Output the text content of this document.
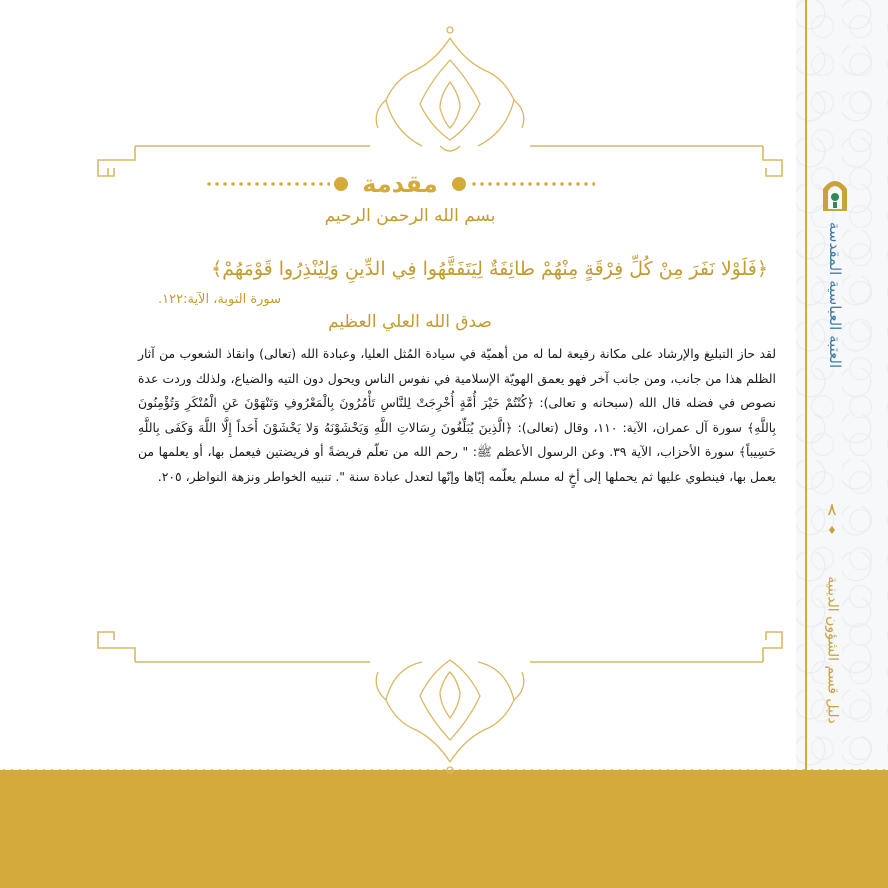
العتبة العباسية المقدسة
٨
دليل قسم الشؤون الدينية
مقدمة
بسم الله الرحمن الرحيم
﴿فَلَوْلا نَفَرَ مِنْ كُلِّ فِرْقَةٍ مِنْهُمْ طائِفَةٌ لِيَتَفَقَّهُوا فِي الدِّينِ وَلِيُنْذِرُوا قَوْمَهُمْ﴾
سورة التوبة، الآية:١٢٢.
صدق الله العلي العظيم

لقد حاز التبليغ والإرشاد على مكانة رفيعة لما له من أهميّة في سيادة المُثل العليا، وعبادة الله (تعالى) وانقاذ الشعوب من آثار الظلم هذا من جانب، ومن جانب آخر فهو يعمق الهويّة الإسلامية في نفوس الناس ويحول دون التيه والضياع، ولذلك وردت عدة نصوص في فضله قال الله (سبحانه و تعالى): ﴿كُنْتُمْ خَيْرَ أُمَّةٍ أُخْرِجَتْ لِلنَّاسِ تَأْمُرُونَ بِالْمَعْرُوفِ وَتَنْهَوْنَ عَنِ الْمُنْكَرِ وَتُؤْمِنُونَ بِاللَّهِ﴾ سورة آل عمران، الآية: ١١٠، وقال (تعالى): ﴿الَّذِينَ يُبَلِّغُونَ رِسَالاتِ اللَّهِ وَيَخْشَوْنَهُ وَلا يَخْشَوْنَ أَحَداً إِلَّا اللَّهَ وَكَفَى بِاللَّهِ حَسِيباً﴾ سورة الأحزاب، الآية ٣٩. وعن الرسول الأعظم ﷺ: " رحم الله من تعلّم فريضةً أو فريضتين فيعمل بها، أو يعلمها من يعمل بها، فينطوي عليها ثم يحملها إلى أخٍ له مسلم يعلّمه إيّاها وإنّها لتعدل عبادة سنة ". تنبيه الخواطر ونزهة النواظر، ٢٠٥.
